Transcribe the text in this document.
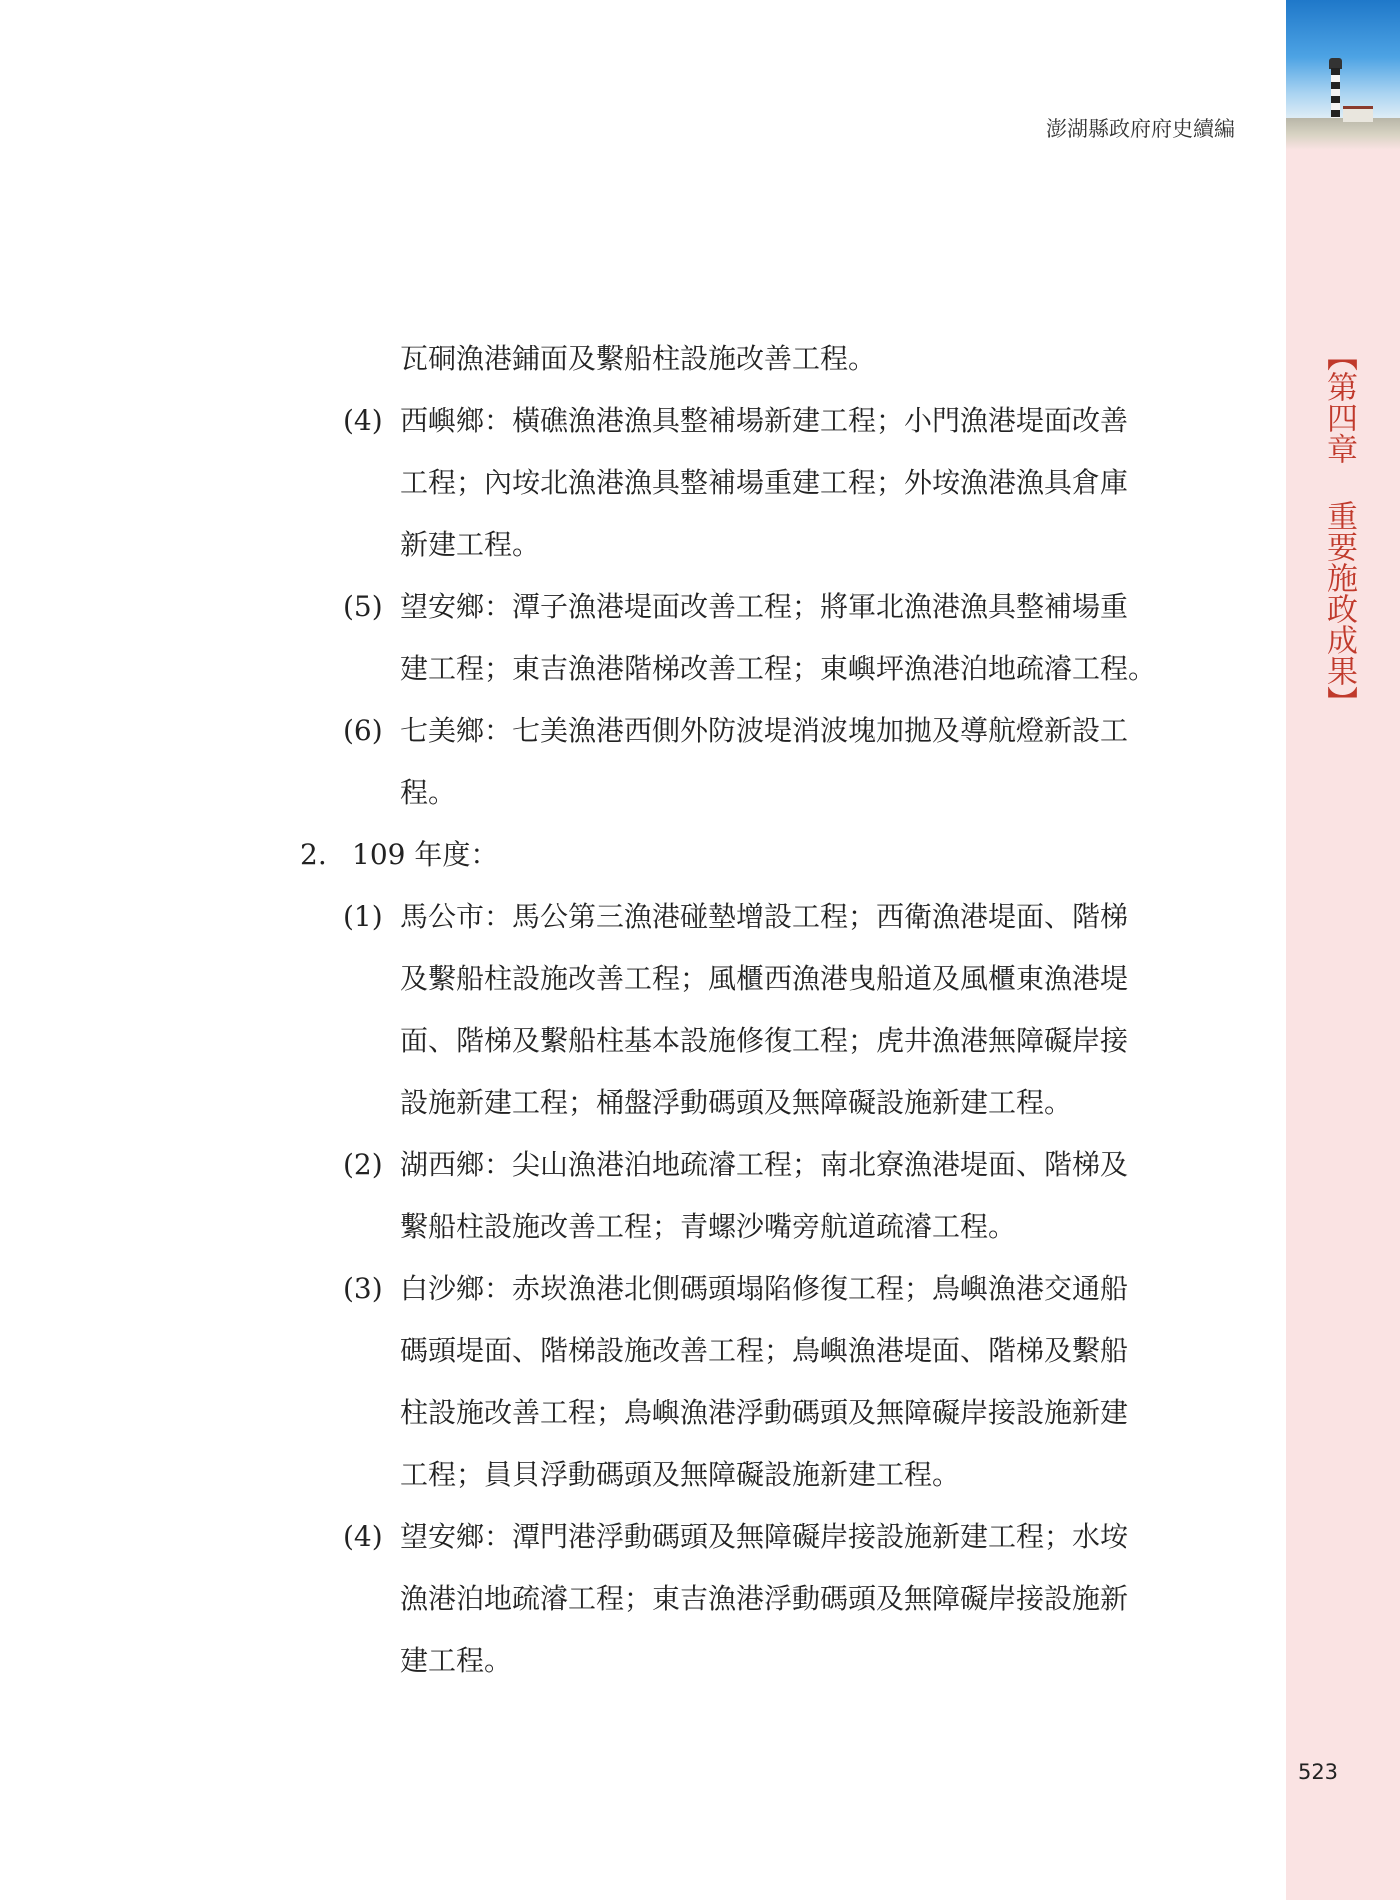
澎湖縣政府府史續編
【第四章 重要施政成果】
523
瓦硐漁港鋪面及繫船柱設施改善工程。
(4) 西嶼鄉：橫礁漁港漁具整補場新建工程；小門漁港堤面改善
工程；內垵北漁港漁具整補場重建工程；外垵漁港漁具倉庫
新建工程。
(5) 望安鄉：潭子漁港堤面改善工程；將軍北漁港漁具整補場重
建工程；東吉漁港階梯改善工程；東嶼坪漁港泊地疏濬工程。
(6) 七美鄉：七美漁港西側外防波堤消波塊加拋及導航燈新設工
程。
2. 109 年度：
(1) 馬公市：馬公第三漁港碰墊增設工程；西衛漁港堤面、階梯
及繫船柱設施改善工程；風櫃西漁港曳船道及風櫃東漁港堤
面、階梯及繫船柱基本設施修復工程；虎井漁港無障礙岸接
設施新建工程；桶盤浮動碼頭及無障礙設施新建工程。
(2) 湖西鄉：尖山漁港泊地疏濬工程；南北寮漁港堤面、階梯及
繫船柱設施改善工程；青螺沙嘴旁航道疏濬工程。
(3) 白沙鄉：赤崁漁港北側碼頭塌陷修復工程；鳥嶼漁港交通船
碼頭堤面、階梯設施改善工程；鳥嶼漁港堤面、階梯及繫船
柱設施改善工程；鳥嶼漁港浮動碼頭及無障礙岸接設施新建
工程；員貝浮動碼頭及無障礙設施新建工程。
(4) 望安鄉：潭門港浮動碼頭及無障礙岸接設施新建工程；水垵
漁港泊地疏濬工程；東吉漁港浮動碼頭及無障礙岸接設施新
建工程。
